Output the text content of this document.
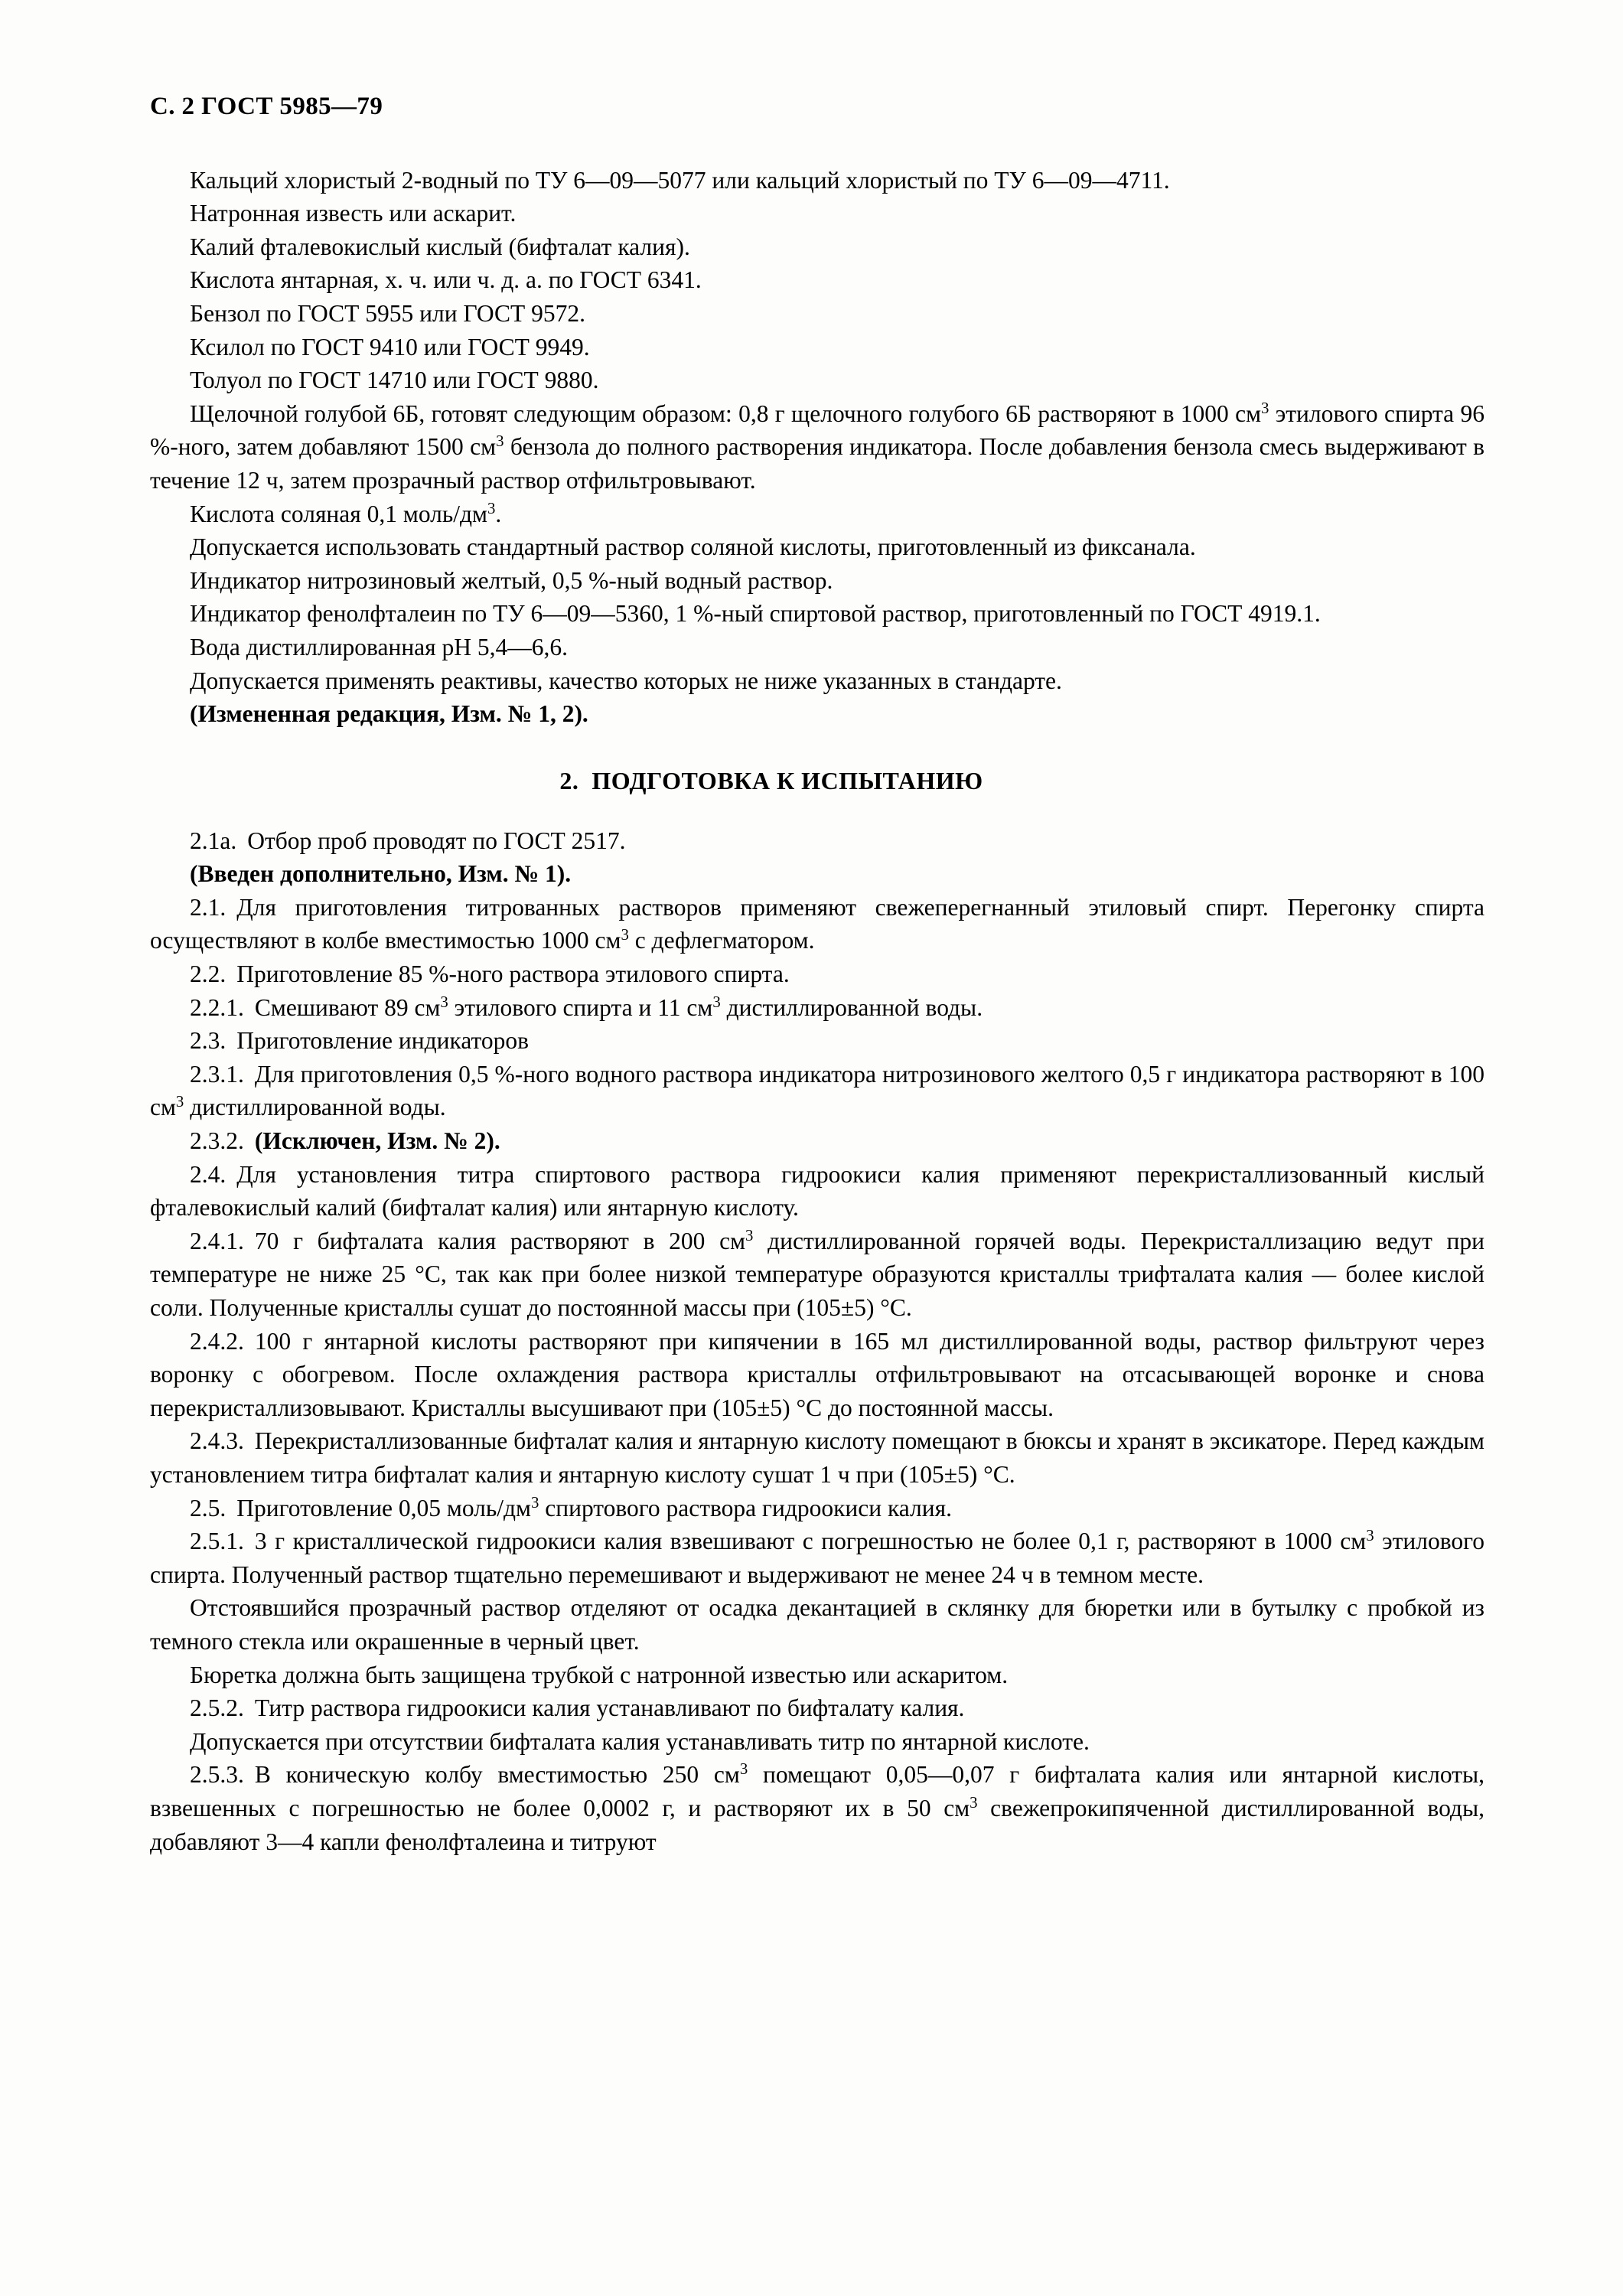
С. 2 ГОСТ 5985—79

Кальций хлористый 2-водный по ТУ 6—09—5077 или кальций хлористый по ТУ 6—09—4711.

Натронная известь или аскарит.

Калий фталевокислый кислый (бифталат калия).

Кислота янтарная, х. ч. или ч. д. а. по ГОСТ 6341.

Бензол по ГОСТ 5955 или ГОСТ 9572.

Ксилол по ГОСТ 9410 или ГОСТ 9949.

Толуол по ГОСТ 14710 или ГОСТ 9880.

Щелочной голубой 6Б, готовят следующим образом: 0,8 г щелочного голубого 6Б растворяют в 1000 $см^3$ этилового спирта 96 %-ного, затем добавляют 1500 $см^3$ бензола до полного растворения индикатора. После добавления бензола смесь выдерживают в течение 12 ч, затем прозрачный раствор отфильтровывают.

Кислота соляная 0,1 моль/$дм^3$.

Допускается использовать стандартный раствор соляной кислоты, приготовленный из фиксанала.

Индикатор нитрозиновый желтый, 0,5 %-ный водный раствор.

Индикатор фенолфталеин по ТУ 6—09—5360, 1 %-ный спиртовой раствор, приготовленный по ГОСТ 4919.1.

Вода дистиллированная рН 5,4—6,6.

Допускается применять реактивы, качество которых не ниже указанных в стандарте.

(Измененная редакция, Изм. № 1, 2).

2. ПОДГОТОВКА К ИСПЫТАНИЮ

2.1а. Отбор проб проводят по ГОСТ 2517.

(Введен дополнительно, Изм. № 1).

2.1. Для приготовления титрованных растворов применяют свежеперегнанный этиловый спирт. Перегонку спирта осуществляют в колбе вместимостью 1000 $см^3$ с дефлегматором.

2.2. Приготовление 85 %-ного раствора этилового спирта.

2.2.1. Смешивают 89 $см^3$ этилового спирта и 11 $см^3$ дистиллированной воды.

2.3. Приготовление индикаторов

2.3.1. Для приготовления 0,5 %-ного водного раствора индикатора нитрозинового желтого 0,5 г индикатора растворяют в 100 $см^3$ дистиллированной воды.

2.3.2. (Исключен, Изм. № 2).

2.4. Для установления титра спиртового раствора гидроокиси калия применяют перекристаллизованный кислый фталевокислый калий (бифталат калия) или янтарную кислоту.

2.4.1. 70 г бифталата калия растворяют в 200 $см^3$ дистиллированной горячей воды. Перекристаллизацию ведут при температуре не ниже 25 °С, так как при более низкой температуре образуются кристаллы трифталата калия — более кислой соли. Полученные кристаллы сушат до постоянной массы при (105±5) °С.

2.4.2. 100 г янтарной кислоты растворяют при кипячении в 165 мл дистиллированной воды, раствор фильтруют через воронку с обогревом. После охлаждения раствора кристаллы отфильтровывают на отсасывающей воронке и снова перекристаллизовывают. Кристаллы высушивают при (105±5) °С до постоянной массы.

2.4.3. Перекристаллизованные бифталат калия и янтарную кислоту помещают в бюксы и хранят в эксикаторе. Перед каждым установлением титра бифталат калия и янтарную кислоту сушат 1 ч при (105±5) °С.

2.5. Приготовление 0,05 моль/$дм^3$ спиртового раствора гидроокиси калия.

2.5.1. 3 г кристаллической гидроокиси калия взвешивают с погрешностью не более 0,1 г, растворяют в 1000 $см^3$ этилового спирта. Полученный раствор тщательно перемешивают и выдерживают не менее 24 ч в темном месте.

Отстоявшийся прозрачный раствор отделяют от осадка декантацией в склянку для бюретки или в бутылку с пробкой из темного стекла или окрашенные в черный цвет.

Бюретка должна быть защищена трубкой с натронной известью или аскаритом.

2.5.2. Титр раствора гидроокиси калия устанавливают по бифталату калия.

Допускается при отсутствии бифталата калия устанавливать титр по янтарной кислоте.

2.5.3. В коническую колбу вместимостью 250 $см^3$ помещают 0,05—0,07 г бифталата калия или янтарной кислоты, взвешенных с погрешностью не более 0,0002 г, и растворяют их в 50 $см^3$ свежепрокипяченной дистиллированной воды, добавляют 3—4 капли фенолфталеина и титруют
